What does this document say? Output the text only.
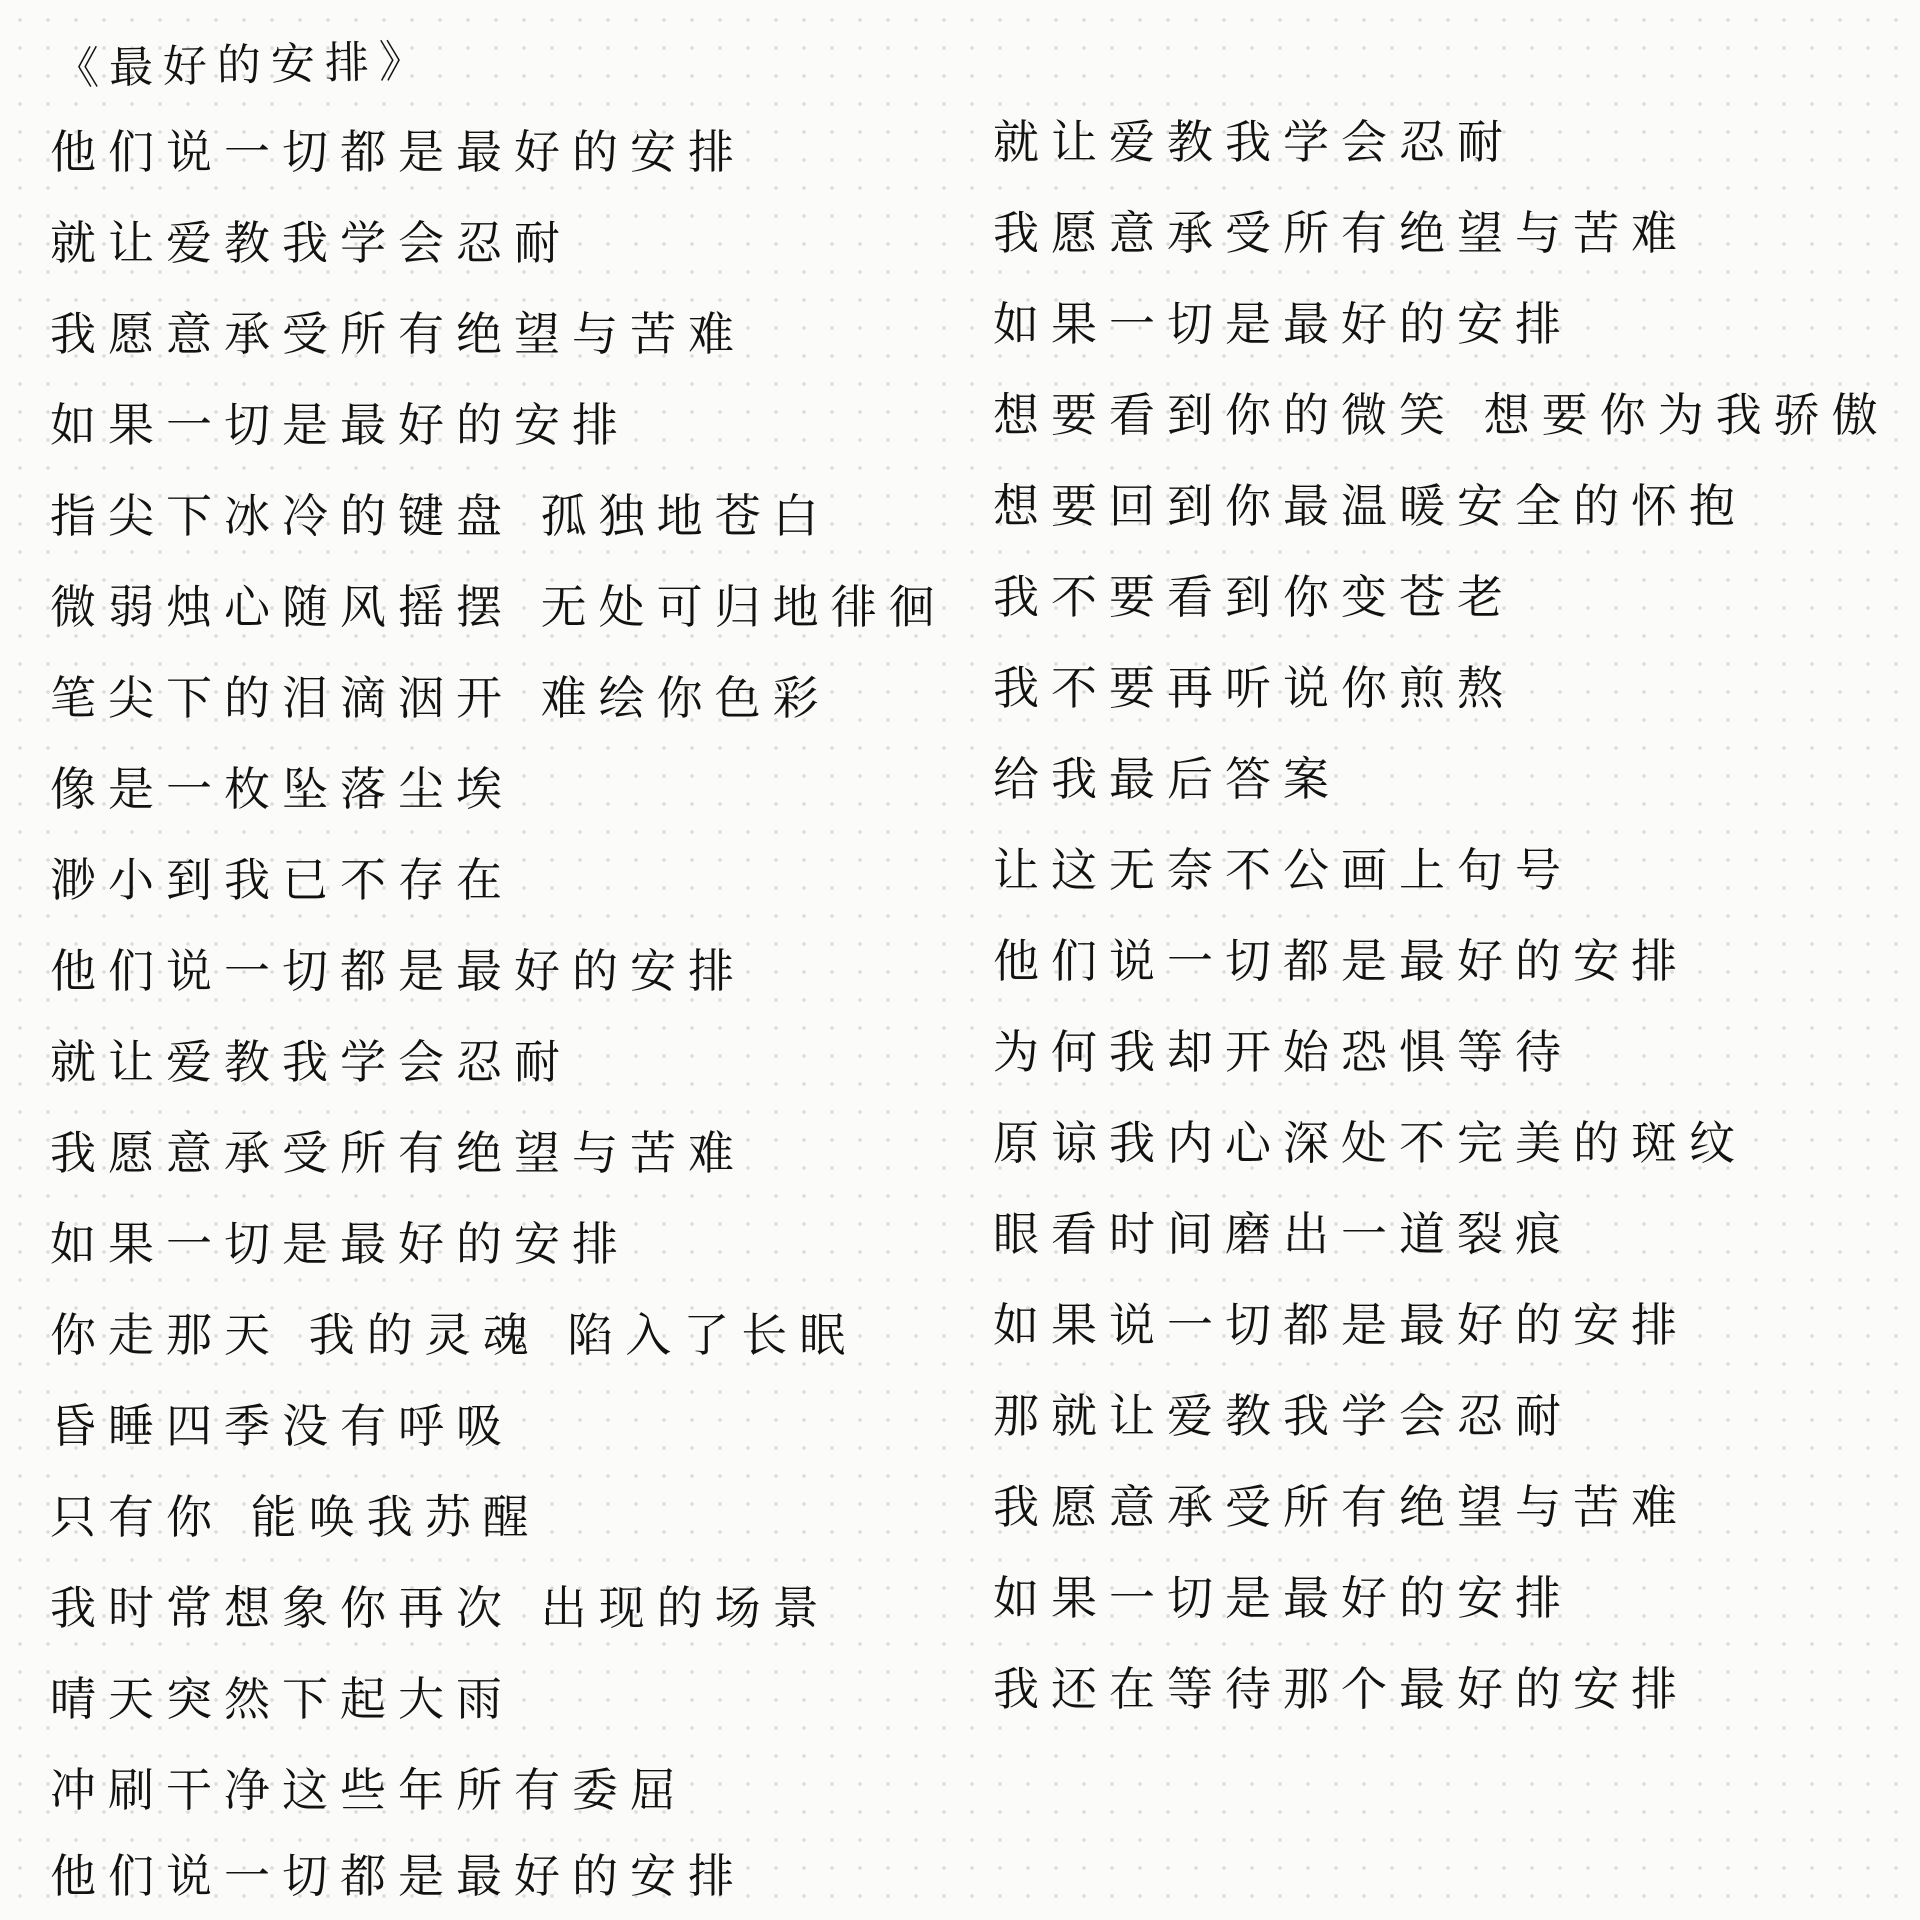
《最好的安排》
他们说一切都是最好的安排
就让爱教我学会忍耐
我愿意承受所有绝望与苦难
如果一切是最好的安排
指尖下冰冷的键盘 孤独地苍白
微弱烛心随风摇摆 无处可归地徘徊
笔尖下的泪滴洇开 难绘你色彩
像是一枚坠落尘埃
渺小到我已不存在
他们说一切都是最好的安排
就让爱教我学会忍耐
我愿意承受所有绝望与苦难
如果一切是最好的安排
你走那天 我的灵魂 陷入了长眠
昏睡四季没有呼吸
只有你 能唤我苏醒
我时常想象你再次 出现的场景
晴天突然下起大雨
冲刷干净这些年所有委屈
他们说一切都是最好的安排
就让爱教我学会忍耐
我愿意承受所有绝望与苦难
如果一切是最好的安排
想要看到你的微笑 想要你为我骄傲
想要回到你最温暖安全的怀抱
我不要看到你变苍老
我不要再听说你煎熬
给我最后答案
让这无奈不公画上句号
他们说一切都是最好的安排
为何我却开始恐惧等待
原谅我内心深处不完美的斑纹
眼看时间磨出一道裂痕
如果说一切都是最好的安排
那就让爱教我学会忍耐
我愿意承受所有绝望与苦难
如果一切是最好的安排
我还在等待那个最好的安排
